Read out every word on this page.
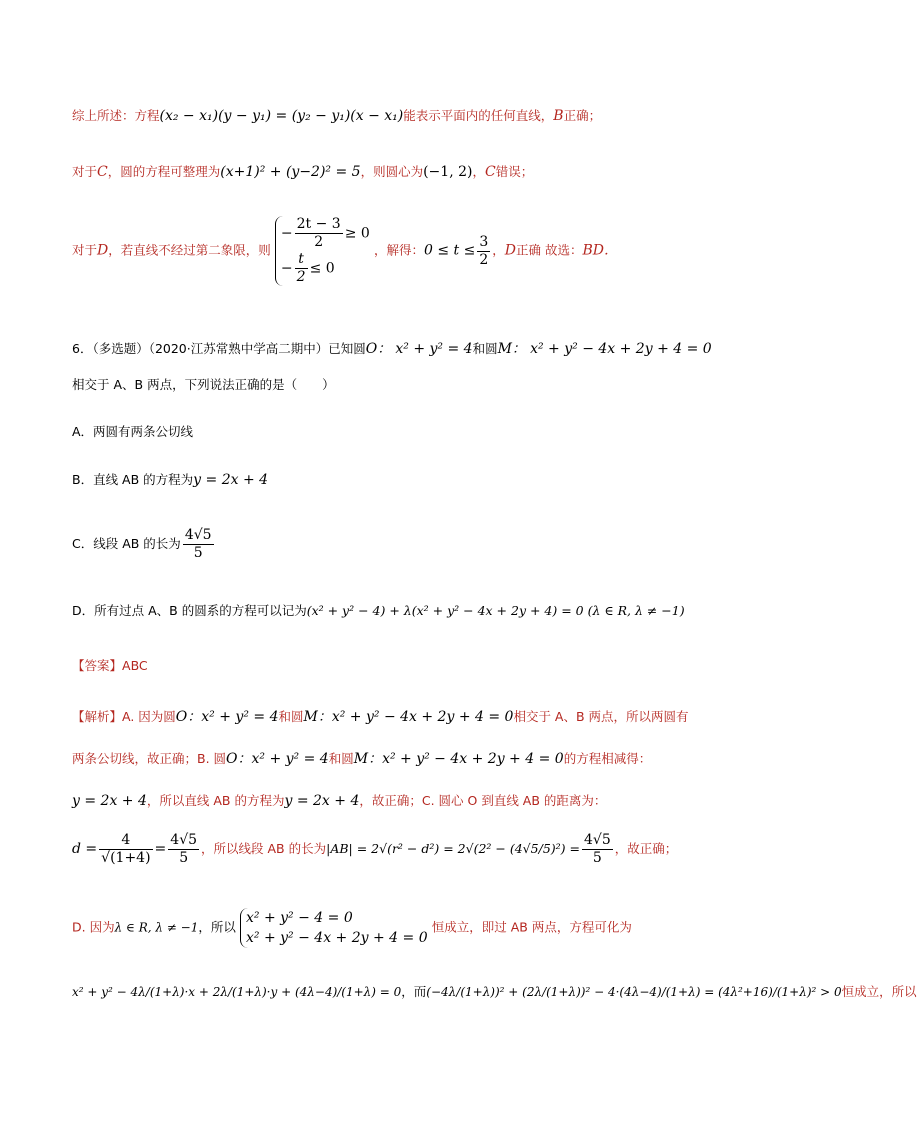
综上所述：方程(x₂ − x₁)(y − y₁) = (y₂ − y₁)(x − x₁)能表示平面内的任何直线，B正确；
对于C，圆的方程可整理为(x+1)² + (y−2)² = 5，则圆心为(−1, 2)，C错误；
对于D，若直线不经过第二象限，则
− $\frac{2t - 3}{2} \ge 0$
− $\frac{t}{2} \le 0$
，解得：$0 \le t \le \frac{3}{2}$ ，D正确 故选：BD．
6．（多选题）（2020·江苏常熟中学高二期中）已知圆O： x² + y² = 4和圆M： x² + y² − 4x + 2y + 4 = 0
相交于 A、B 两点，下列说法正确的是（　　）
A．两圆有两条公切线
B．直线 AB 的方程为y = 2x + 4
C．线段 AB 的长为 $\frac{4√5}{5}$
D．所有过点 A、B 的圆系的方程可以记为(x² + y² − 4) + λ(x² + y² − 4x + 2y + 4) = 0 (λ ∈ R, λ ≠ −1)
【答案】ABC
【解析】A. 因为圆O：x² + y² = 4和圆M：x² + y² − 4x + 2y + 4 = 0相交于 A、B 两点，所以两圆有
两条公切线，故正确；B. 圆O：x² + y² = 4和圆M：x² + y² − 4x + 2y + 4 = 0的方程相减得：
y = 2x + 4，所以直线 AB 的方程为y = 2x + 4，故正确；C. 圆心 O 到直线 AB 的距离为：
$d = \frac{4}{√(1+4)} = \frac{4√5}{5}$ ，所以线段 AB 的长为$|AB| = 2√(r^2 - d^2) = 2√(2^2 - (4√5/5)^2) = \frac{4√5}{5}$ ，故正确；
D. 因为λ ∈ R, λ ≠ −1，所以
x² + y² − 4 = 0
x² + y² − 4x + 2y + 4 = 0
恒成立，即过 AB 两点，方程可化为
x² + y² − 4λ/(1+λ)·x + 2λ/(1+λ)·y + (4λ−4)/(1+λ) = 0，而(−4λ/(1+λ))² + (2λ/(1+λ))² − 4·(4λ−4)/(1+λ) = (4λ²+16)/(1+λ)² > 0恒成立，所以
